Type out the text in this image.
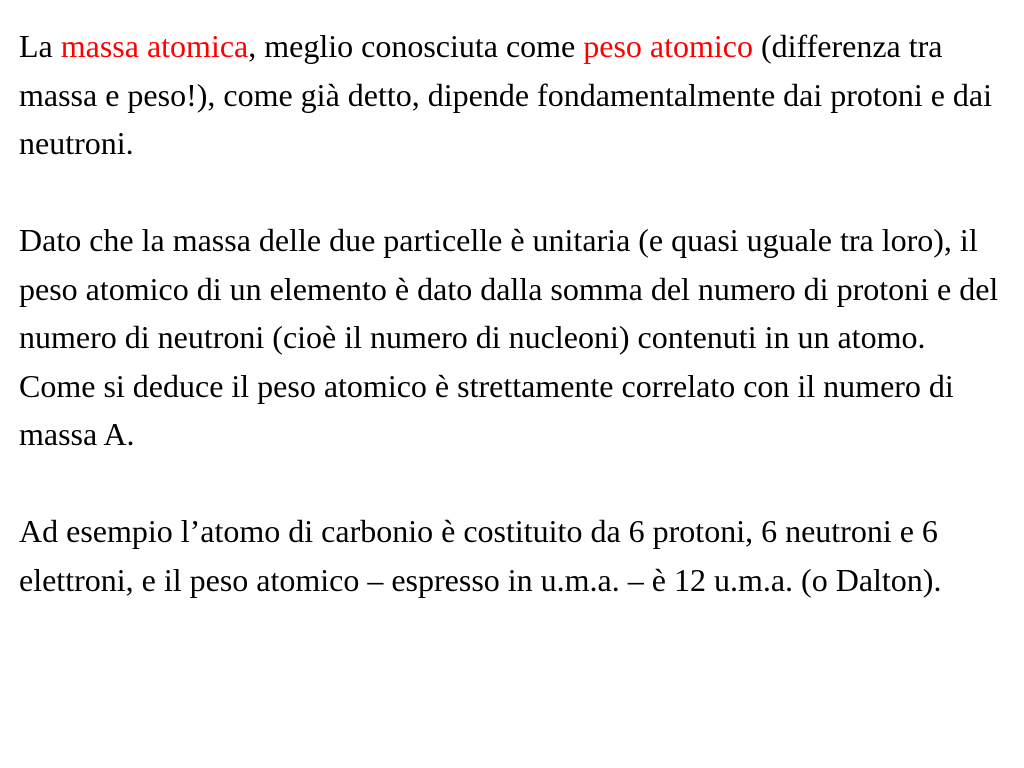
La massa atomica, meglio conosciuta come peso atomico (differenza tra massa e peso!), come già detto, dipende fondamentalmente dai protoni e dai neutroni.

Dato che la massa delle due particelle è unitaria (e quasi uguale tra loro), il peso atomico di un elemento è dato dalla somma del numero di protoni e del numero di neutroni (cioè il numero di nucleoni) contenuti in un atomo. Come si deduce il peso atomico è strettamente correlato con il numero di massa A.

Ad esempio l’atomo di carbonio è costituito da 6 protoni, 6 neutroni e 6 elettroni, e il peso atomico – espresso in u.m.a. – è 12 u.m.a. (o Dalton).
